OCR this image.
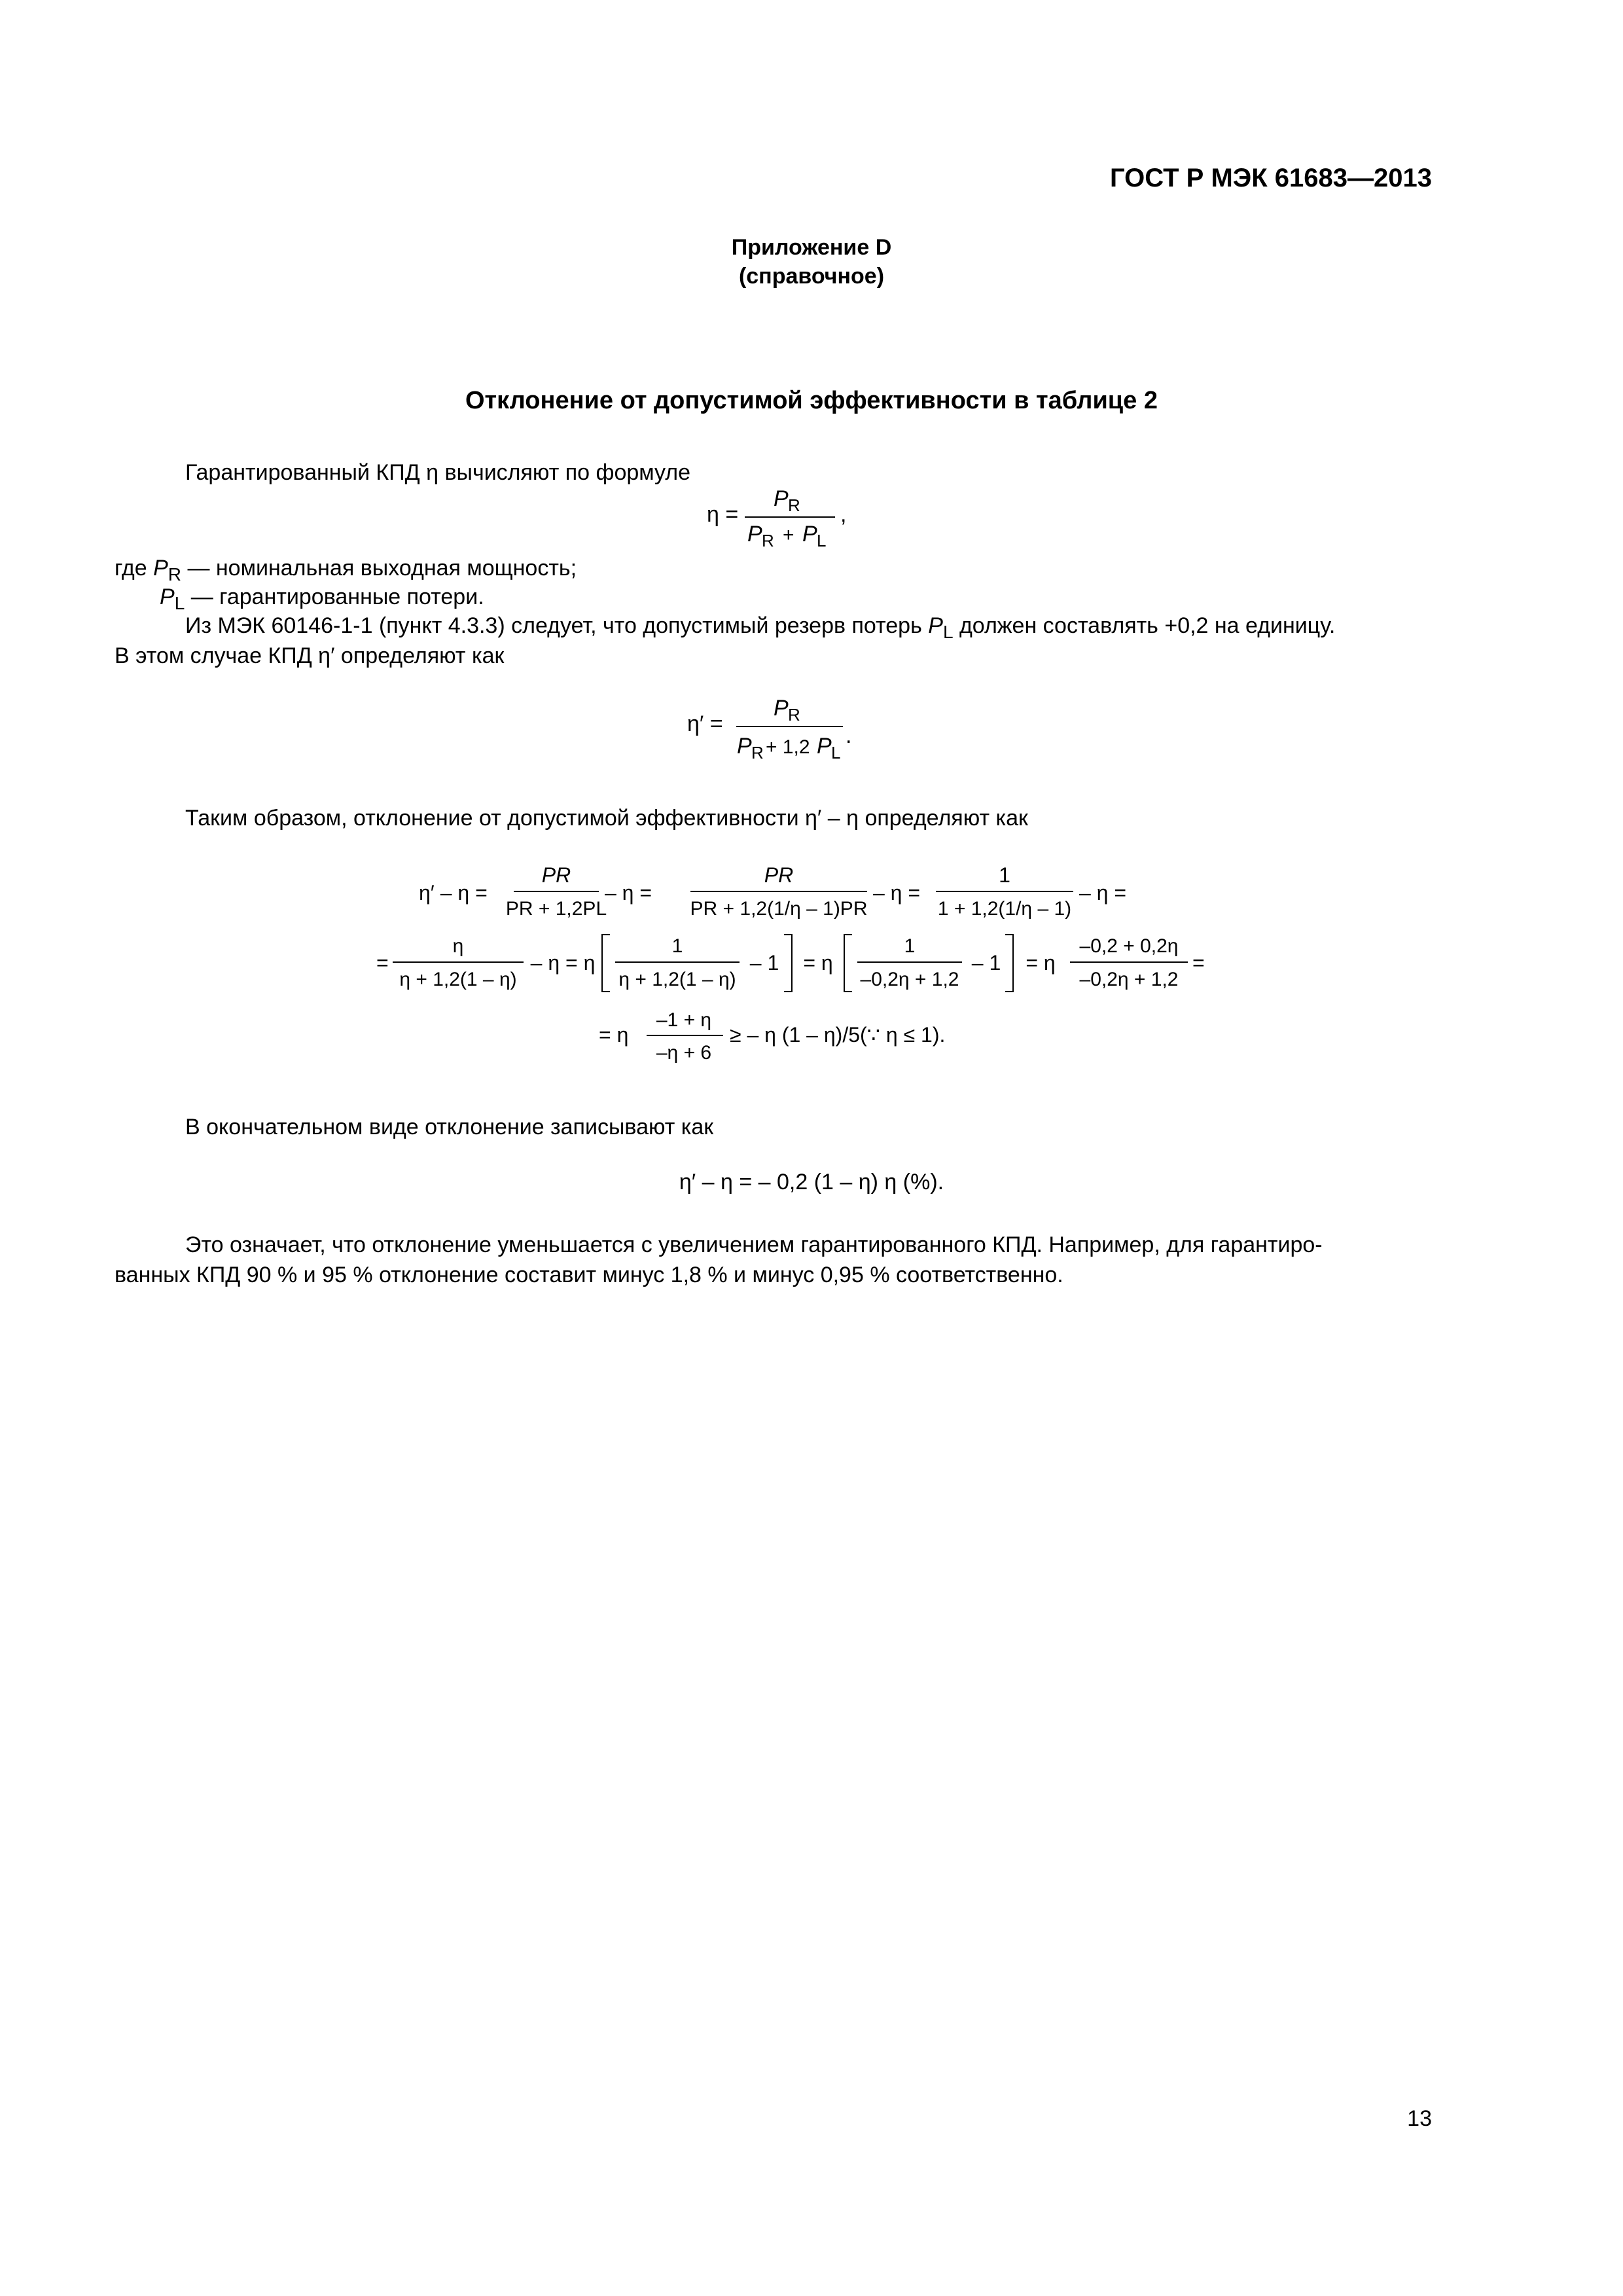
ГОСТ Р МЭК 61683—2013
Приложение D
(справочное)
Отклонение от допустимой эффективности в таблице 2
Гарантированный КПД η вычисляют по формуле
η =
P R
P R + P L
,
где $P_R$ — номинальная выходная мощность;
$P_L$ — гарантированные потери.
Из МЭК 60146-1-1 (пункт 4.3.3) следует, что допустимый резерв потерь $P_L$ должен составлять +0,2 на единицу.
В этом случае КПД η′ определяют как
η′ =
P R
P R + 1,2 P L
.
Таким образом, отклонение от допустимой эффективности η′ – η определяют как
η′ – η =
PR
PR + 1,2PL
– η =
PR
PR + 1,2(1/η – 1)PR
– η =
1
1 + 1,2(1/η – 1)
– η =
=
η
η + 1,2(1 – η)
– η = η
1
η + 1,2(1 – η)
– 1 = η
1
–0,2η + 1,2
– 1 = η
–0,2 + 0,2η
–0,2η + 1,2
=
= η
–1 + η
–η + 6
≥ – η (1 – η)/5(∵ η ≤ 1).
В окончательном виде отклонение записывают как
η′ – η = – 0,2 (1 – η) η (%).
Это означает, что отклонение уменьшается с увеличением гарантированного КПД. Например, для гарантиро-
ванных КПД 90 % и 95 % отклонение составит минус 1,8 % и минус 0,95 % соответственно.
13
